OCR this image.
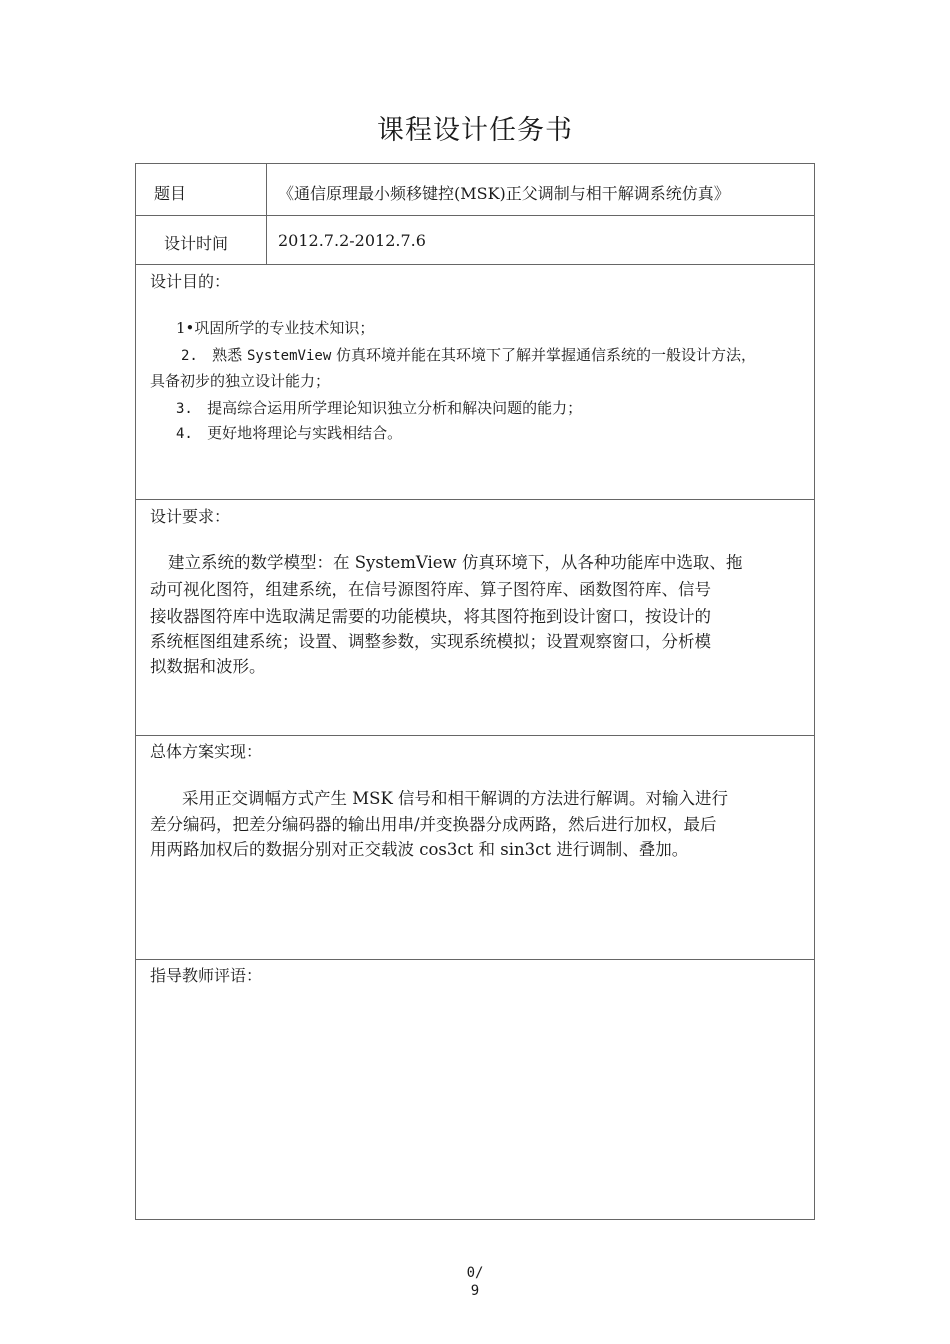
课程设计任务书
题目	《通信原理最小频移键控(MSK)正父调制与相干解调系统仿真》
设计时间	2012.7.2-2012.7.6
设计目的：
1•巩固所学的专业技术知识；
2. 熟悉 SystemView 仿真环境并能在其环境下了解并掌握通信系统的一般设计方法，
具备初步的独立设计能力；
3. 提高综合运用所学理论知识独立分析和解决问题的能力；
4. 更好地将理论与实践相结合。
设计要求：
建立系统的数学模型：在 SystemView 仿真环境下，从各种功能库中选取、拖
动可视化图符，组建系统，在信号源图符库、算子图符库、函数图符库、信号
接收器图符库中选取满足需要的功能模块，将其图符拖到设计窗口，按设计的
系统框图组建系统；设置、调整参数，实现系统模拟；设置观察窗口，分析模
拟数据和波形。
总体方案实现：
采用正交调幅方式产生 MSK 信号和相干解调的方法进行解调。对输入进行
差分编码，把差分编码器的输出用串/并变换器分成两路，然后进行加权，最后
用两路加权后的数据分别对正交载波 cos3ct 和 sin3ct 进行调制、叠加。
指导教师评语：
0/
9
